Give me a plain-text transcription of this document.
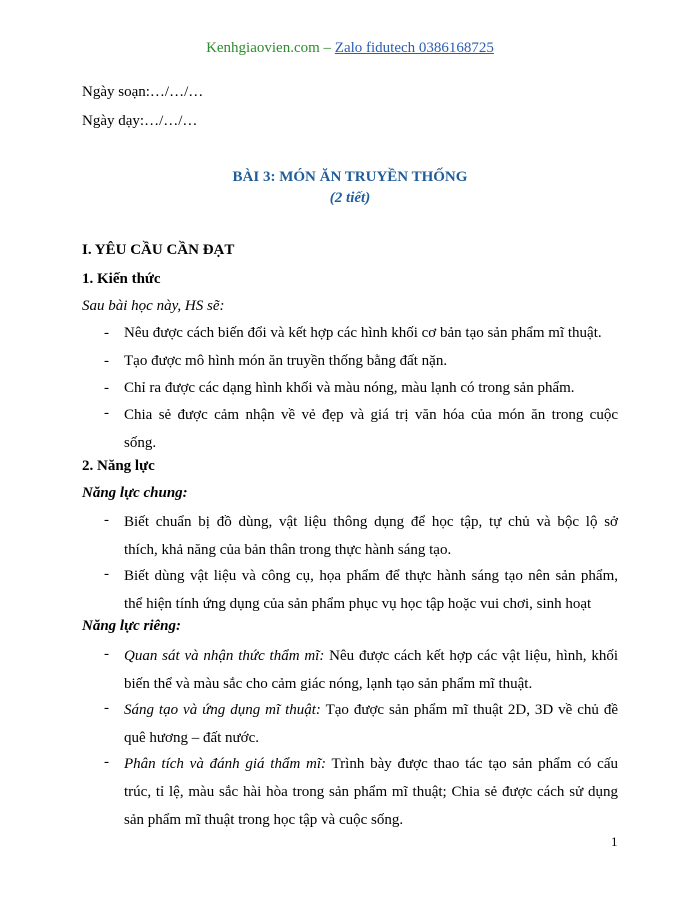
Kenhgiaovien.com – Zalo fidutech 0386168725
Ngày soạn:…/…/…
Ngày dạy:…/…/…
BÀI 3: MÓN ĂN TRUYỀN THỐNG
(2 tiết)
I. YÊU CẦU CẦN ĐẠT
1. Kiến thức
Sau bài học này, HS sẽ:
- Nêu được cách biến đổi và kết hợp các hình khối cơ bản tạo sản phẩm mĩ thuật.
- Tạo được mô hình món ăn truyền thống bằng đất nặn.
- Chỉ ra được các dạng hình khối và màu nóng, màu lạnh có trong sản phẩm.
- Chia sẻ được cảm nhận về vẻ đẹp và giá trị văn hóa của món ăn trong cuộc
sống.
2. Năng lực
Năng lực chung:
- Biết chuẩn bị đồ dùng, vật liệu thông dụng để học tập, tự chủ và bộc lộ sở
thích, khả năng của bản thân trong thực hành sáng tạo.
- Biết dùng vật liệu và công cụ, họa phẩm để thực hành sáng tạo nên sản phẩm,
thể hiện tính ứng dụng của sản phẩm phục vụ học tập hoặc vui chơi, sinh hoạt
Năng lực riêng:
- Quan sát và nhận thức thẩm mĩ: Nêu được cách kết hợp các vật liệu, hình, khối
biến thể và màu sắc cho cảm giác nóng, lạnh tạo sản phẩm mĩ thuật.
- Sáng tạo và ứng dụng mĩ thuật: Tạo được sản phẩm mĩ thuật 2D, 3D về chủ đề
quê hương – đất nước.
- Phân tích và đánh giá thẩm mĩ: Trình bày được thao tác tạo sản phẩm có cấu
trúc, tỉ lệ, màu sắc hài hòa trong sản phẩm mĩ thuật; Chia sẻ được cách sử dụng
sản phẩm mĩ thuật trong học tập và cuộc sống.
1
